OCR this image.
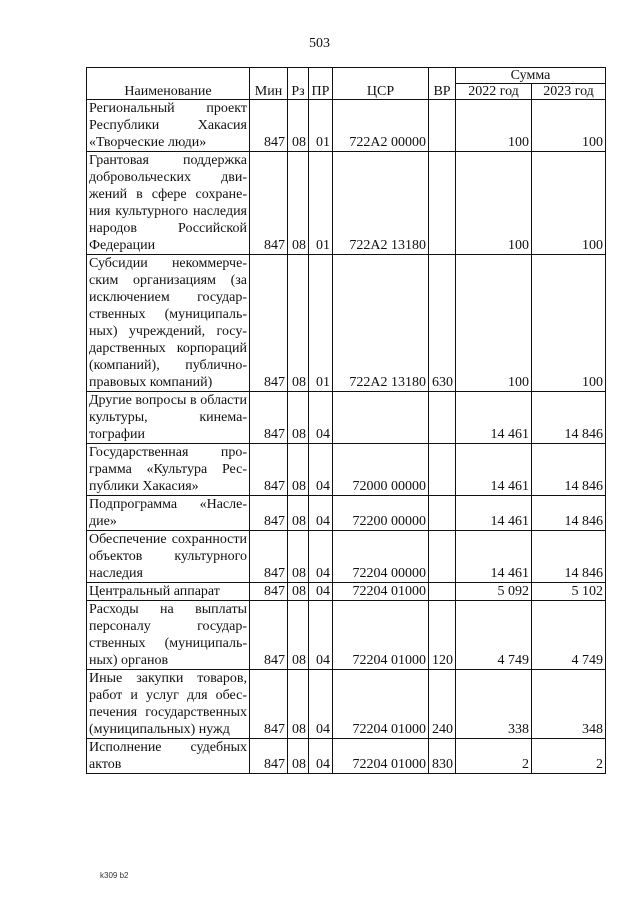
503
Наименование	Мин	Рз	ПР	ЦСР	ВР	Сумма	
						2022 год	2023 год
Региональный проект Республики Хакасия «Творческие люди»	847	08	01	722А2 00000		100	100
Грантовая поддержка добровольческих движений в сфере сохранения культурного наследия народов Российской Федерации	847	08	01	722А2 13180		100	100
Субсидии некоммерческим организациям (за исключением государственных (муниципальных) учреждений, государственных корпораций (компаний), публично-правовых компаний)	847	08	01	722А2 13180	630	100	100
Другие вопросы в области культуры, кинематографии	847	08	04			14 461	14 846
Государственная программа «Культура Республики Хакасия»	847	08	04	72000 00000		14 461	14 846
Подпрограмма «Наследие»	847	08	04	72200 00000		14 461	14 846
Обеспечение сохранности объектов культурного наследия	847	08	04	72204 00000		14 461	14 846
Центральный аппарат	847	08	04	72204 01000		5 092	5 102
Расходы на выплаты персоналу государственных (муниципальных) органов	847	08	04	72204 01000	120	4 749	4 749
Иные закупки товаров, работ и услуг для обеспечения государственных (муниципальных) нужд	847	08	04	72204 01000	240	338	348
Исполнение судебных актов	847	08	04	72204 01000	830	2	2
k309 b2
